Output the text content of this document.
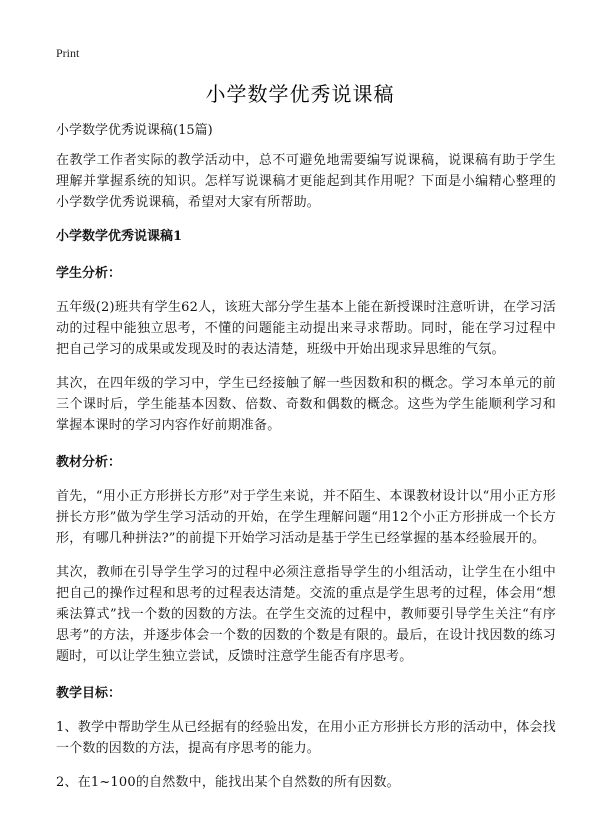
Print
小学数学优秀说课稿
小学数学优秀说课稿(15篇)

在教学工作者实际的教学活动中，总不可避免地需要编写说课稿，说课稿有助于学生理解并掌握系统的知识。怎样写说课稿才更能起到其作用呢？下面是小编精心整理的小学数学优秀说课稿，希望对大家有所帮助。

小学数学优秀说课稿1
学生分析：

五年级(2)班共有学生62人，该班大部分学生基本上能在新授课时注意听讲，在学习活动的过程中能独立思考，不懂的问题能主动提出来寻求帮助。同时，能在学习过程中把自己学习的成果或发现及时的表达清楚，班级中开始出现求异思维的气氛。

其次，在四年级的学习中，学生已经接触了解一些因数和积的概念。学习本单元的前三个课时后，学生能基本因数、倍数、奇数和偶数的概念。这些为学生能顺利学习和掌握本课时的学习内容作好前期准备。

教材分析：

首先，“用小正方形拼长方形”对于学生来说，并不陌生、本课教材设计以“用小正方形拼长方形”做为学生学习活动的开始，在学生理解问题“用12个小正方形拼成一个长方形，有哪几种拼法?”的前提下开始学习活动是基于学生已经掌握的基本经验展开的。

其次，教师在引导学生学习的过程中必须注意指导学生的小组活动，让学生在小组中把自己的操作过程和思考的过程表达清楚。交流的重点是学生思考的过程，体会用“想乘法算式”找一个数的因数的方法。在学生交流的过程中，教师要引导学生关注“有序思考”的方法，并逐步体会一个数的因数的个数是有限的。最后，在设计找因数的练习题时，可以让学生独立尝试，反馈时注意学生能否有序思考。

教学目标：

1、教学中帮助学生从已经据有的经验出发，在用小正方形拼长方形的活动中，体会找一个数的因数的方法，提高有序思考的能力。

2、在1~100的自然数中，能找出某个自然数的所有因数。
